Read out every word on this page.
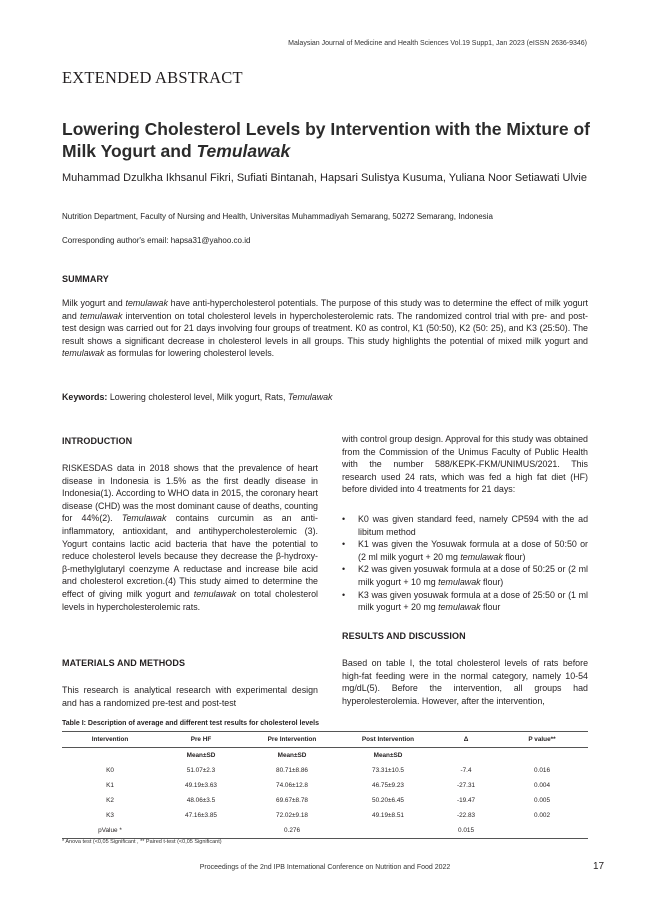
Malaysian Journal of Medicine and Health Sciences Vol.19 Supp1, Jan 2023 (eISSN 2636-9346)
EXTENDED ABSTRACT
Lowering Cholesterol Levels by Intervention with the Mixture of Milk Yogurt and Temulawak
Muhammad Dzulkha Ikhsanul Fikri, Sufiati Bintanah, Hapsari Sulistya Kusuma, Yuliana Noor Setiawati Ulvie
Nutrition Department, Faculty of Nursing and Health, Universitas Muhammadiyah Semarang, 50272 Semarang, Indonesia
Corresponding author's email: hapsa31@yahoo.co.id
SUMMARY
Milk yogurt and temulawak have anti-hypercholesterol potentials. The purpose of this study was to determine the effect of milk yogurt and temulawak intervention on total cholesterol levels in hypercholesterolemic rats. The randomized control trial with pre- and post-test design was carried out for 21 days involving four groups of treatment. K0 as control, K1 (50:50), K2 (50: 25), and K3 (25:50). The result shows a significant decrease in cholesterol levels in all groups. This study highlights the potential of mixed milk yogurt and temulawak as formulas for lowering cholesterol levels.
Keywords: Lowering cholesterol level, Milk yogurt, Rats, Temulawak
INTRODUCTION
RISKESDAS data in 2018 shows that the prevalence of heart disease in Indonesia is 1.5% as the first deadly disease in Indonesia(1). According to WHO data in 2015, the coronary heart disease (CHD) was the most dominant cause of deaths, counting for 44%(2). Temulawak contains curcumin as an anti-inflammatory, antioxidant, and antihypercholesterolemic (3). Yogurt contains lactic acid bacteria that have the potential to reduce cholesterol levels because they decrease the β-hydroxy-β-methylglutaryl coenzyme A reductase and increase bile acid and cholesterol excretion.(4) This study aimed to determine the effect of giving milk yogurt and temulawak on total cholesterol levels in hypercholesterolemic rats.
MATERIALS AND METHODS
This research is analytical research with experimental design and has a randomized pre-test and post-test
with control group design. Approval for this study was obtained from the Commission of the Unimus Faculty of Public Health with the number 588/KEPK-FKM/UNIMUS/2021. This research used 24 rats, which was fed a high fat diet (HF) before divided into 4 treatments for 21 days:

• K0 was given standard feed, namely CP594 with the ad libitum method

• K1 was given the Yosuwak formula at a dose of 50:50 or (2 ml milk yogurt + 20 mg temulawak flour)

• K2 was given yosuwak formula at a dose of 50:25 or (2 ml milk yogurt + 10 mg temulawak flour)

• K3 was given yosuwak formula at a dose of 25:50 or (1 ml milk yogurt + 20 mg temulawak flour

RESULTS AND DISCUSSION
Based on table I, the total cholesterol levels of rats before high-fat feeding were in the normal category, namely 10-54 mg/dL(5). Before the intervention, all groups had hyperolesterolemia. However, after the intervention,
Table I: Description of average and different test results for cholesterol levels
Intervention	Pre HF	Pre Intervention	Post Intervention	Δ	P value**
	Mean±SD	Mean±SD	Mean±SD		
K0	51.07±2.3	80.71±8.86	73.31±10.5	-7.4	0.016
K1	49.19±3.63	74.06±12.8	46.75±9.23	-27.31	0.004
K2	48.06±3.5	69.67±8.78	50.20±6.45	-19.47	0.005
K3	47.16±3.85	72.02±9.18	49.19±8.51	-22.83	0.002
pValue *		0.276		0.015	
* Anova test (<0,05 Significant , ** Paired t-test (<0,05 Significant)
Proceedings of the 2nd IPB International Conference on Nutrition and Food 2022	17
